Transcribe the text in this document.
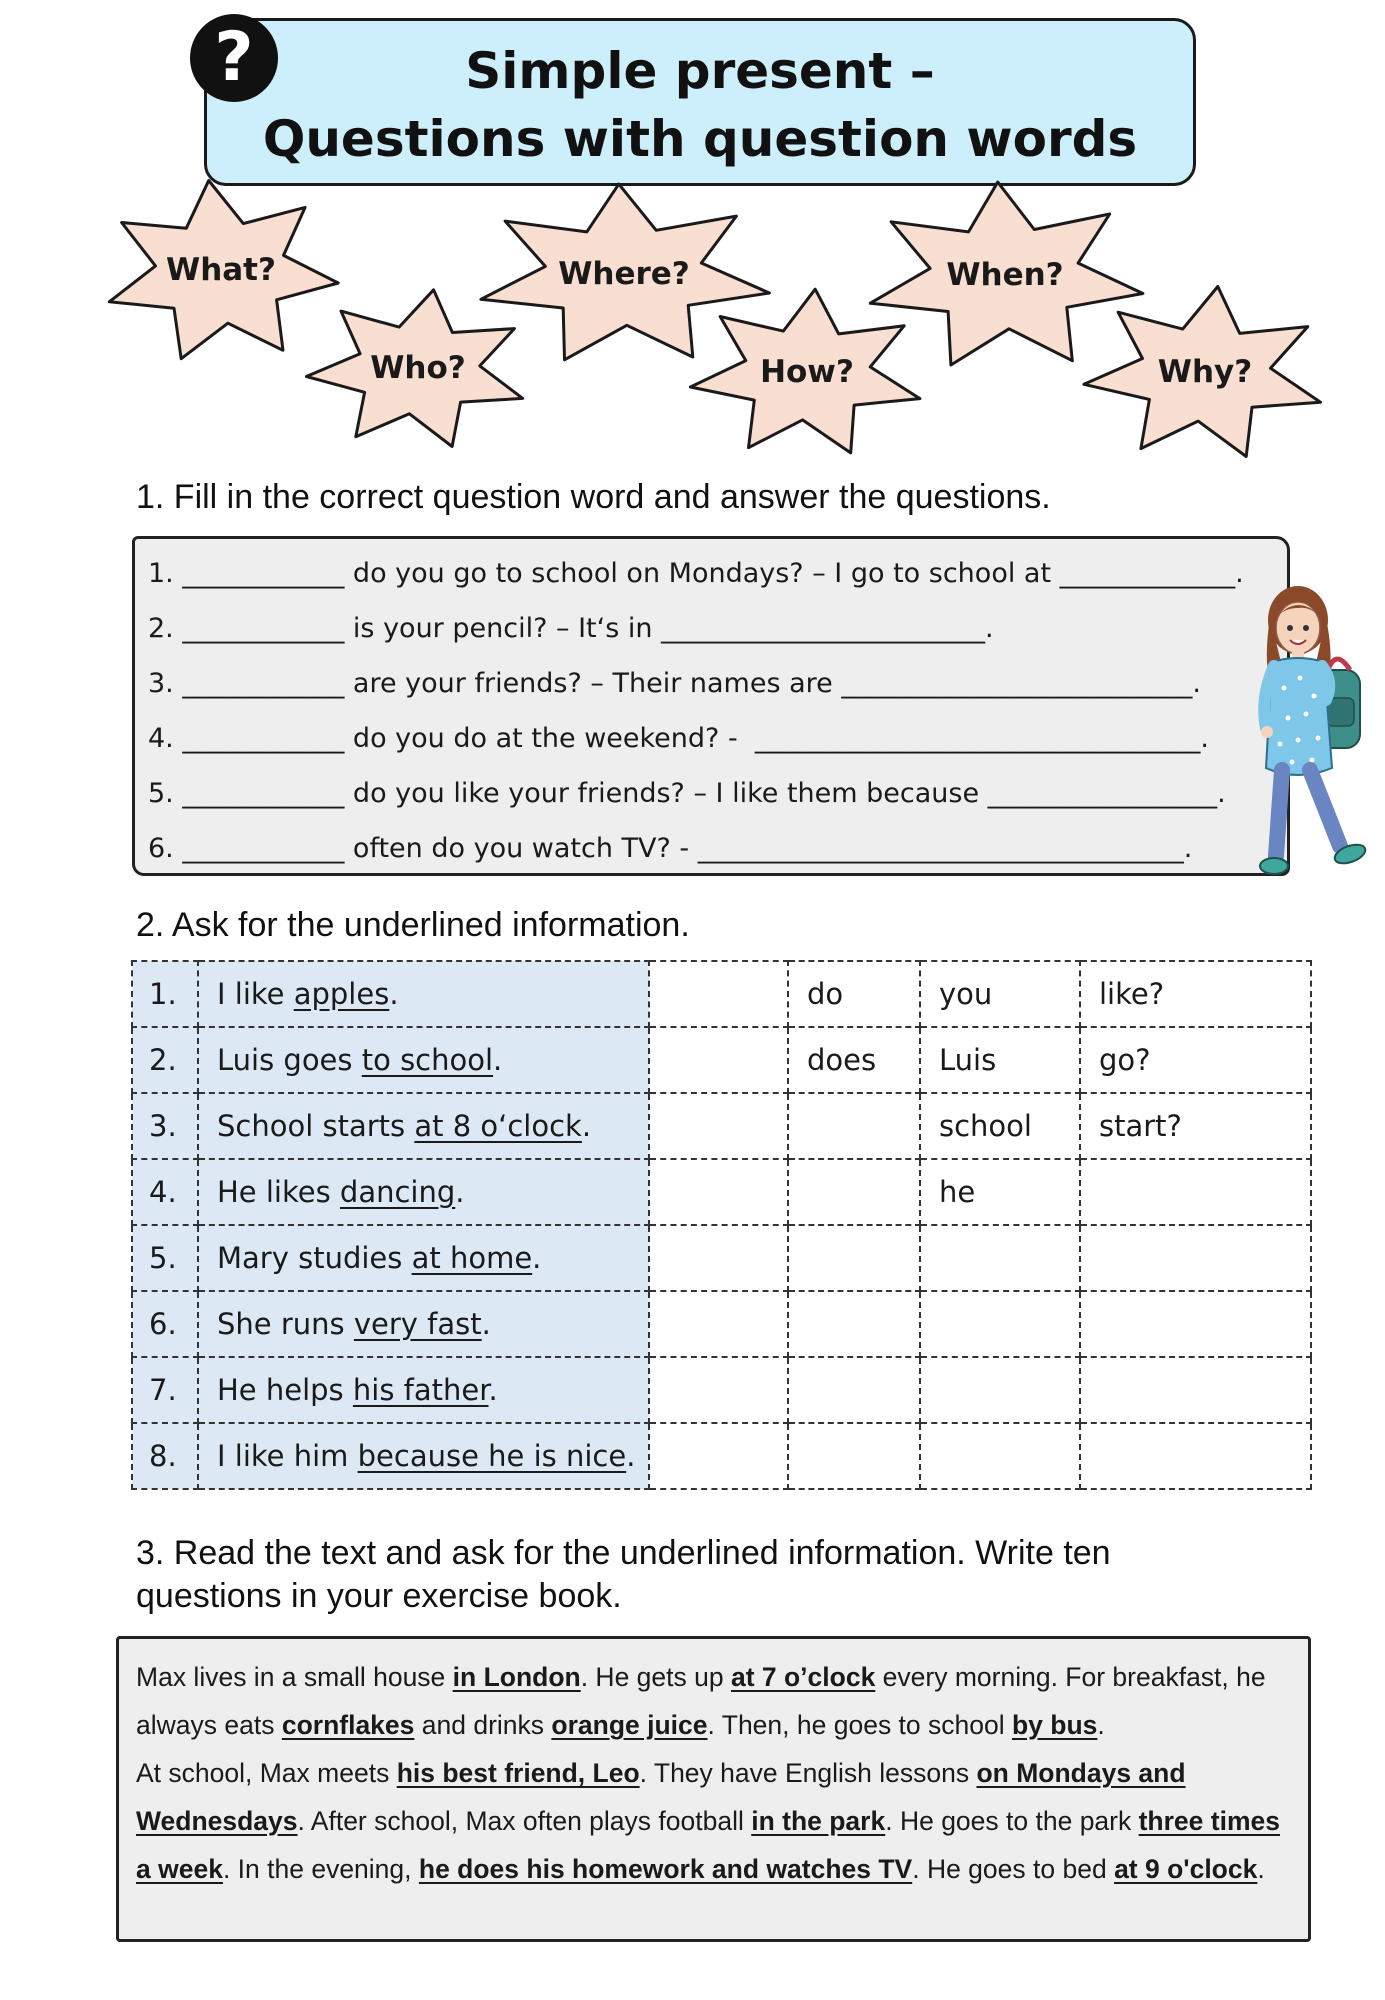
Simple present –
Questions with question words
?
What?
Who?
Where?
How?
When?
Why?
1. Fill in the correct question word and answer the questions.
1. ____________ do you go to school on Mondays? – I go to school at _____________.
2. ____________ is your pencil? – It‘s in ________________________.
3. ____________ are your friends? – Their names are __________________________.
4. ____________ do you do at the weekend? -  _________________________________.
5. ____________ do you like your friends? – I like them because _________________.
6. ____________ often do you watch TV? - ____________________________________.
2. Ask for the underlined information.
1.	I like apples.		do	you	like?
2.	Luis goes to school.		does	Luis	go?
3.	School starts at 8 o‘clock.			school	start?
4.	He likes dancing.			he	
5.	Mary studies at home.				
6.	She runs very fast.				
7.	He helps his father.				
8.	I like him because he is nice.				
3. Read the text and ask for the underlined information. Write ten
questions in your exercise book.
Max lives in a small house in London. He gets up at 7 o’clock every morning. For breakfast, he always eats cornflakes and drinks orange juice. Then, he goes to school by bus.
At school, Max meets his best friend, Leo. They have English lessons on Mondays and Wednesdays. After school, Max often plays football in the park. He goes to the park three times a week. In the evening, he does his homework and watches TV. He goes to bed at 9 o'clock.
